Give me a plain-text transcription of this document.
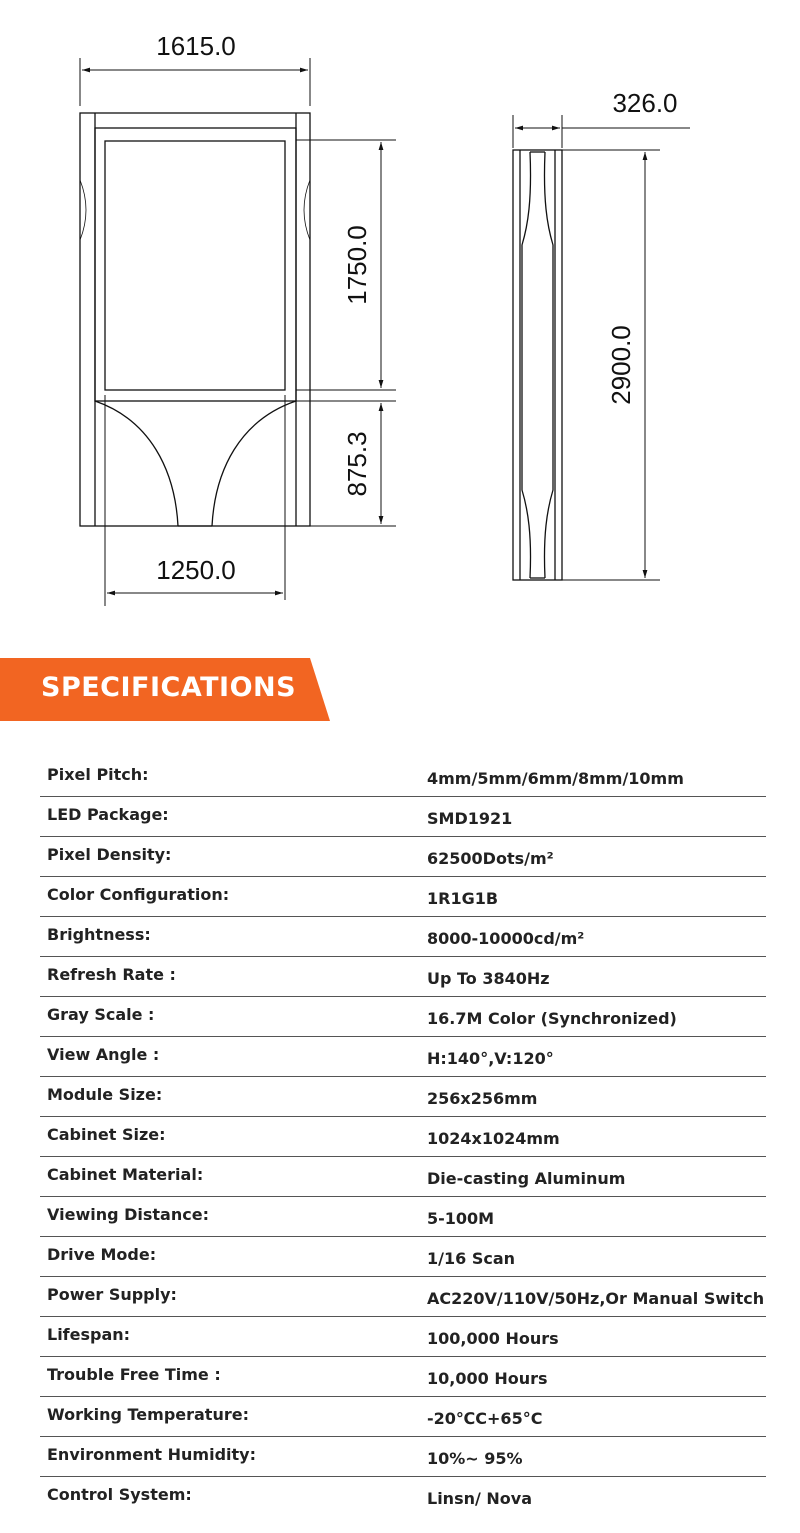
1615.0
1750.0
875.3
1250.0
326.0
2900.0
SPECIFICATIONS
Pixel Pitch:	4mm/5mm/6mm/8mm/10mm
LED Package:	SMD1921
Pixel Density:	62500Dots/m²
Color Configuration:	1R1G1B
Brightness:	8000-10000cd/m²
Refresh Rate :	Up To 3840Hz
Gray Scale :	16.7M Color (Synchronized)
View Angle :	H:140°,V:120°
Module Size:	256x256mm
Cabinet Size:	1024x1024mm
Cabinet Material:	Die-casting Aluminum
Viewing Distance:	5-100M
Drive Mode:	1/16 Scan
Power Supply:	AC220V/110V/50Hz,Or Manual Switch
Lifespan:	100,000 Hours
Trouble Free Time :	10,000 Hours
Working Temperature:	-20℃C+65°C
Environment Humidity:	10%~ 95%
Control System:	Linsn/ Nova
